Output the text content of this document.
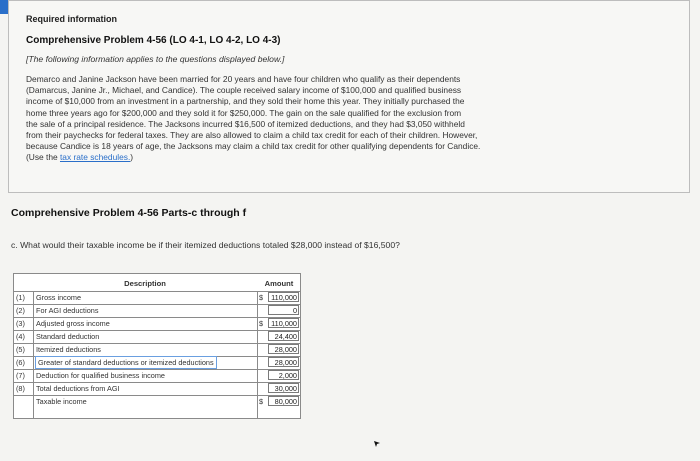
Required information
Comprehensive Problem 4-56 (LO 4-1, LO 4-2, LO 4-3)
[The following information applies to the questions displayed below.]
Demarco and Janine Jackson have been married for 20 years and have four children who qualify as their dependents
(Damarcus, Janine Jr., Michael, and Candice). The couple received salary income of $100,000 and qualified business
income of $10,000 from an investment in a partnership, and they sold their home this year. They initially purchased the
home three years ago for $200,000 and they sold it for $250,000. The gain on the sale qualified for the exclusion from
the sale of a principal residence. The Jacksons incurred $16,500 of itemized deductions, and they had $3,050 withheld
from their paychecks for federal taxes. They are also allowed to claim a child tax credit for each of their children. However,
because Candice is 18 years of age, the Jacksons may claim a child tax credit for other qualifying dependents for Candice.
(Use the tax rate schedules.)
Comprehensive Problem 4-56 Parts-c through f
c. What would their taxable income be if their itemized deductions totaled $28,000 instead of $16,500?
Description	Amount
(1)	Gross income	$	110,000
(2)	For AGI deductions	0
(3)	Adjusted gross income	$	110,000
(4)	Standard deduction	24,400
(5)	Itemized deductions	28,000
(6)	Greater of standard deductions or itemized deductions	28,000
(7)	Deduction for qualified business income	2,000
(8)	Total deductions from AGI	30,000
Taxable income	$	80,000
